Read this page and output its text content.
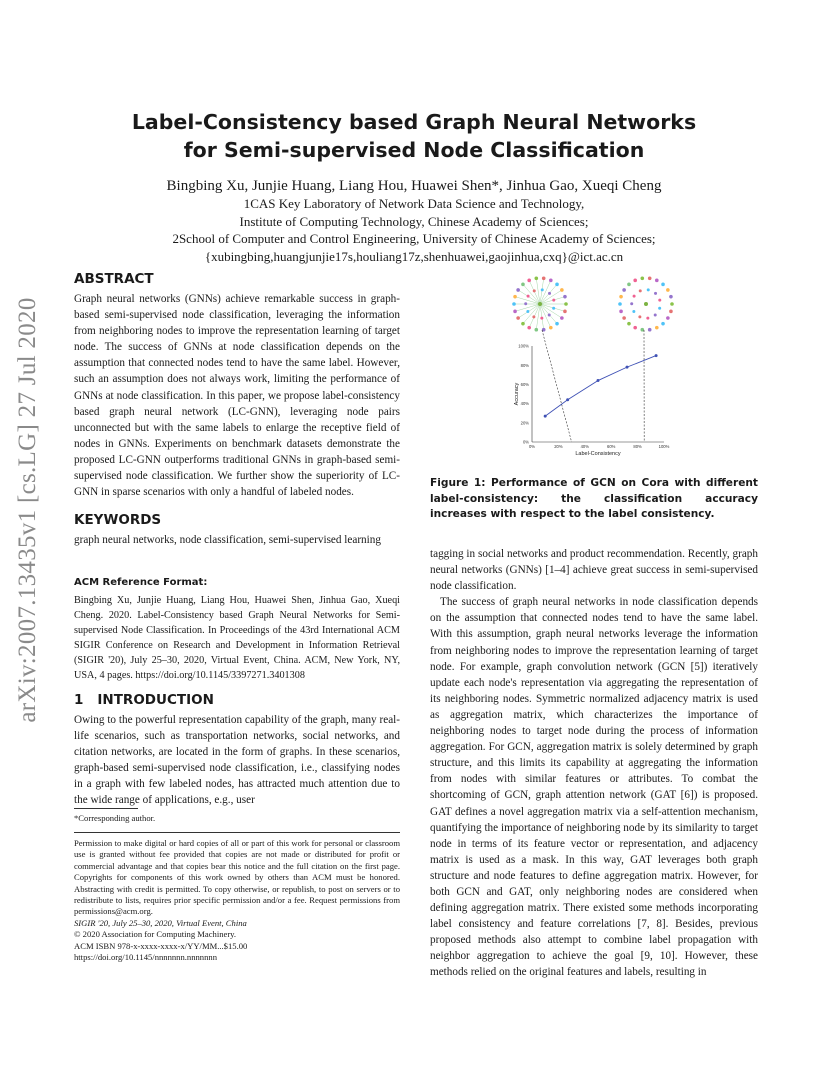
arXiv:2007.13435v1 [cs.LG] 27 Jul 2020
Label-Consistency based Graph Neural Networks
for Semi-supervised Node Classification
Bingbing Xu, Junjie Huang, Liang Hou, Huawei Shen*, Jinhua Gao, Xueqi Cheng
1CAS Key Laboratory of Network Data Science and Technology,
Institute of Computing Technology, Chinese Academy of Sciences;
2School of Computer and Control Engineering, University of Chinese Academy of Sciences;
{xubingbing,huangjunjie17s,houliang17z,shenhuawei,gaojinhua,cxq}@ict.ac.cn
ABSTRACT
Graph neural networks (GNNs) achieve remarkable success in graph-based semi-supervised node classification, leveraging the information from neighboring nodes to improve the representation learning of target node. The success of GNNs at node classification depends on the assumption that connected nodes tend to have the same label. However, such an assumption does not always work, limiting the performance of GNNs at node classification. In this paper, we propose label-consistency based graph neural network (LC-GNN), leveraging node pairs unconnected but with the same labels to enlarge the receptive field of nodes in GNNs. Experiments on benchmark datasets demonstrate the proposed LC-GNN outperforms traditional GNNs in graph-based semi-supervised node classification. We further show the superiority of LC-GNN in sparse scenarios with only a handful of labeled nodes.
KEYWORDS
graph neural networks, node classification, semi-supervised learning
ACM Reference Format:
Bingbing Xu, Junjie Huang, Liang Hou, Huawei Shen, Jinhua Gao, Xueqi Cheng. 2020. Label-Consistency based Graph Neural Networks for Semi-supervised Node Classification. In Proceedings of the 43rd International ACM SIGIR Conference on Research and Development in Information Retrieval (SIGIR '20), July 25–30, 2020, Virtual Event, China. ACM, New York, NY, USA, 4 pages. https://doi.org/10.1145/3397271.3401308
1 INTRODUCTION
Owing to the powerful representation capability of the graph, many real-life scenarios, such as transportation networks, social networks, and citation networks, are located in the form of graphs. In these scenarios, graph-based semi-supervised node classification, i.e., classifying nodes in a graph with few labeled nodes, has attracted much attention due to the wide range of applications, e.g., user
*Corresponding author.
Permission to make digital or hard copies of all or part of this work for personal or classroom use is granted without fee provided that copies are not made or distributed for profit or commercial advantage and that copies bear this notice and the full citation on the first page. Copyrights for components of this work owned by others than ACM must be honored. Abstracting with credit is permitted. To copy otherwise, or republish, to post on servers or to redistribute to lists, requires prior specific permission and/or a fee. Request permissions from permissions@acm.org.
SIGIR '20, July 25–30, 2020, Virtual Event, China
© 2020 Association for Computing Machinery.
ACM ISBN 978-x-xxxx-xxxx-x/YY/MM...$15.00
https://doi.org/10.1145/nnnnnnn.nnnnnnn
0%
0%
20%
20%
40%
40%
60%
60%
80%
80%
100%
100%
Label-Consistency
Accuracy
Figure 1: Performance of GCN on Cora with different label-consistency: the classification accuracy increases with respect to the label consistency.

tagging in social networks and product recommendation. Recently, graph neural networks (GNNs) [1–4] achieve great success in semi-supervised node classification.

The success of graph neural networks in node classification depends on the assumption that connected nodes tend to have the same label. With this assumption, graph neural networks leverage the information from neighboring nodes to improve the representation learning of target node. For example, graph convolution network (GCN [5]) iteratively update each node's representation via aggregating the representation of its neighboring nodes. Symmetric normalized adjacency matrix is used as aggregation matrix, which characterizes the importance of neighboring nodes to target node during the process of information aggregation. For GCN, aggregation matrix is solely determined by graph structure, and this limits its capability at aggregating the information from nodes with similar features or attributes. To combat the shortcoming of GCN, graph attention network (GAT [6]) is proposed. GAT defines a novel aggregation matrix via a self-attention mechanism, quantifying the importance of neighboring node by its similarity to target node in terms of its feature vector or representation, and adjacency matrix is used as a mask. In this way, GAT leverages both graph structure and node features to define aggregation matrix. However, for both GCN and GAT, only neighboring nodes are considered when defining aggregation matrix. There existed some methods incorporating label consistency and feature correlations [7, 8]. Besides, previous proposed methods also attempt to combine label propagation with neighbor aggregation to achieve the goal [9, 10]. However, these methods relied on the original features and labels, resulting in
